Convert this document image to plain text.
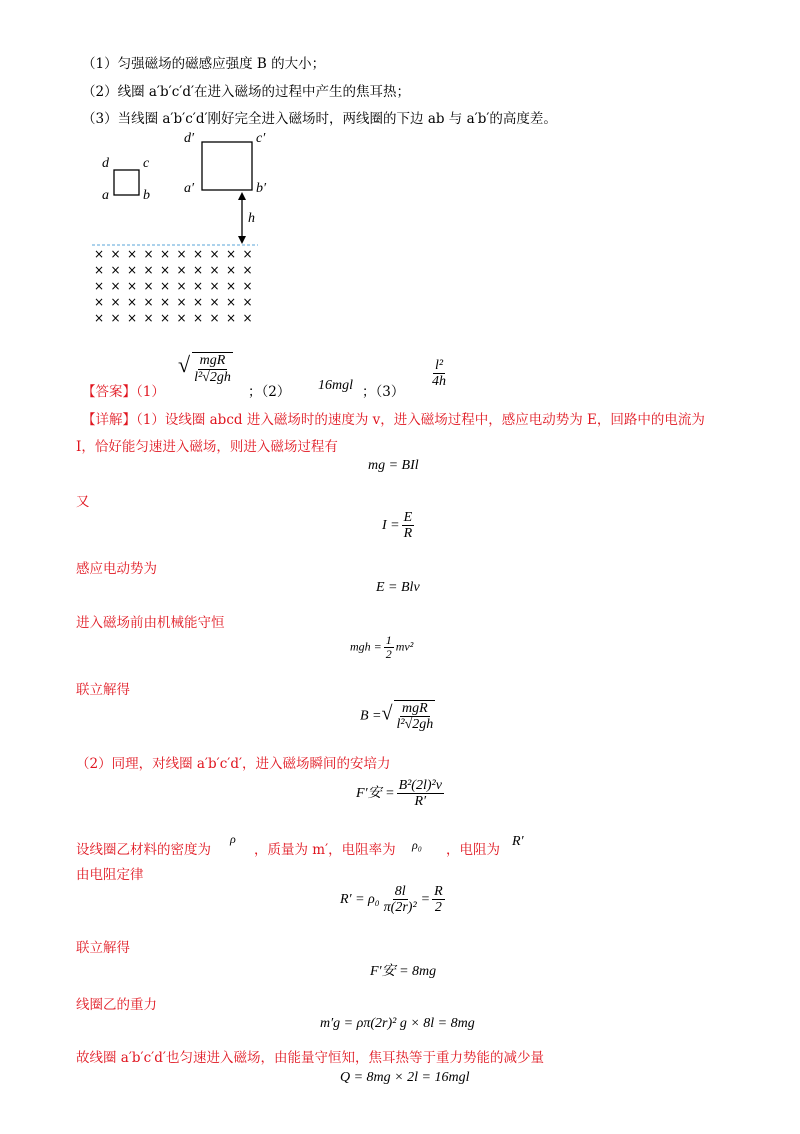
（1）匀强磁场的磁感应强度 B 的大小；
（2）线圈 a′b′c′d′在进入磁场的过程中产生的焦耳热；
（3）当线圈 a′b′c′d′刚好完全进入磁场时，两线圈的下边 ab 与 a′b′的高度差。
d c
a b
d′	c′
a′	b′
h
× × × × × × × × × ×
× × × × × × × × × ×
× × × × × × × × × ×
× × × × × × × × × ×
× × × × × × × × × ×
【答案】（1）
√ $\frac{\text{mgR}}{\text{l²√2gh}}$
；（2） 16mgl ；（3）
$\frac{\text{l²}}{4h}$
【详解】（1）设线圈 abcd 进入磁场时的速度为 v，进入磁场过程中，感应电动势为 E，回路中的电流为
I，恰好能匀速进入磁场，则进入磁场过程有
mg = BIl
又
$I = \frac{E}{R}$
感应电动势为
E = Blv
进入磁场前由机械能守恒
mgh = $\frac{1}{2} mv^2$
联立解得
B =√ $\frac{\text{mgR}}{\text{l²√2gh}}$
（2）同理，对线圈 a′b′c′d′，进入磁场瞬间的安培力
F′安 = $\frac{\text{B²(2l)²v}}{R'}$
设线圈乙材料的密度为
ρ
，质量为 m′，电阻率为 ρ₀ ，电阻为
R′
由电阻定律
$R' = \rho_0 \frac{8l}{\text{π(2r)²}} = \frac{R}{2}$
联立解得
F′安 = 8mg
线圈乙的重力
m′g = ρπ(2r)² g × 8l = 8mg
故线圈 a′b′c′d′也匀速进入磁场，由能量守恒知，焦耳热等于重力势能的减少量
Q = 8mg × 2l = 16mgl
